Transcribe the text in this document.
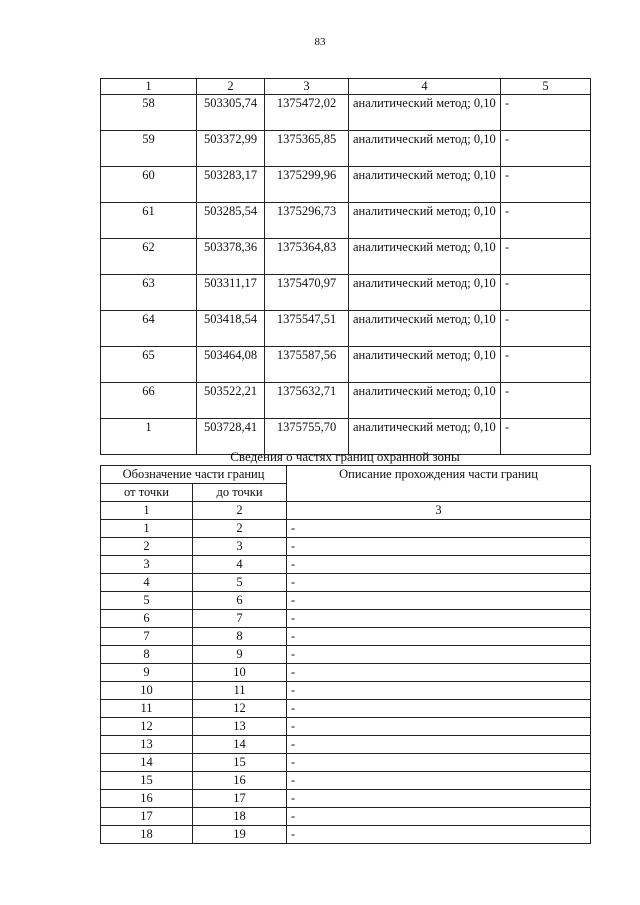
83
1	2	3	4	5
58	503305,74	1375472,02	аналитический метод; 0,10	-
59	503372,99	1375365,85	аналитический метод; 0,10	-
60	503283,17	1375299,96	аналитический метод; 0,10	-
61	503285,54	1375296,73	аналитический метод; 0,10	-
62	503378,36	1375364,83	аналитический метод; 0,10	-
63	503311,17	1375470,97	аналитический метод; 0,10	-
64	503418,54	1375547,51	аналитический метод; 0,10	-
65	503464,08	1375587,56	аналитический метод; 0,10	-
66	503522,21	1375632,71	аналитический метод; 0,10	-
1	503728,41	1375755,70	аналитический метод; 0,10	-
Сведения о частях границ охранной зоны
Обозначение части границ		Описание прохождения части границ
от точки	до точки	
1	2	3
1	2	-
2	3	-
3	4	-
4	5	-
5	6	-
6	7	-
7	8	-
8	9	-
9	10	-
10	11	-
11	12	-
12	13	-
13	14	-
14	15	-
15	16	-
16	17	-
17	18	-
18	19	-
